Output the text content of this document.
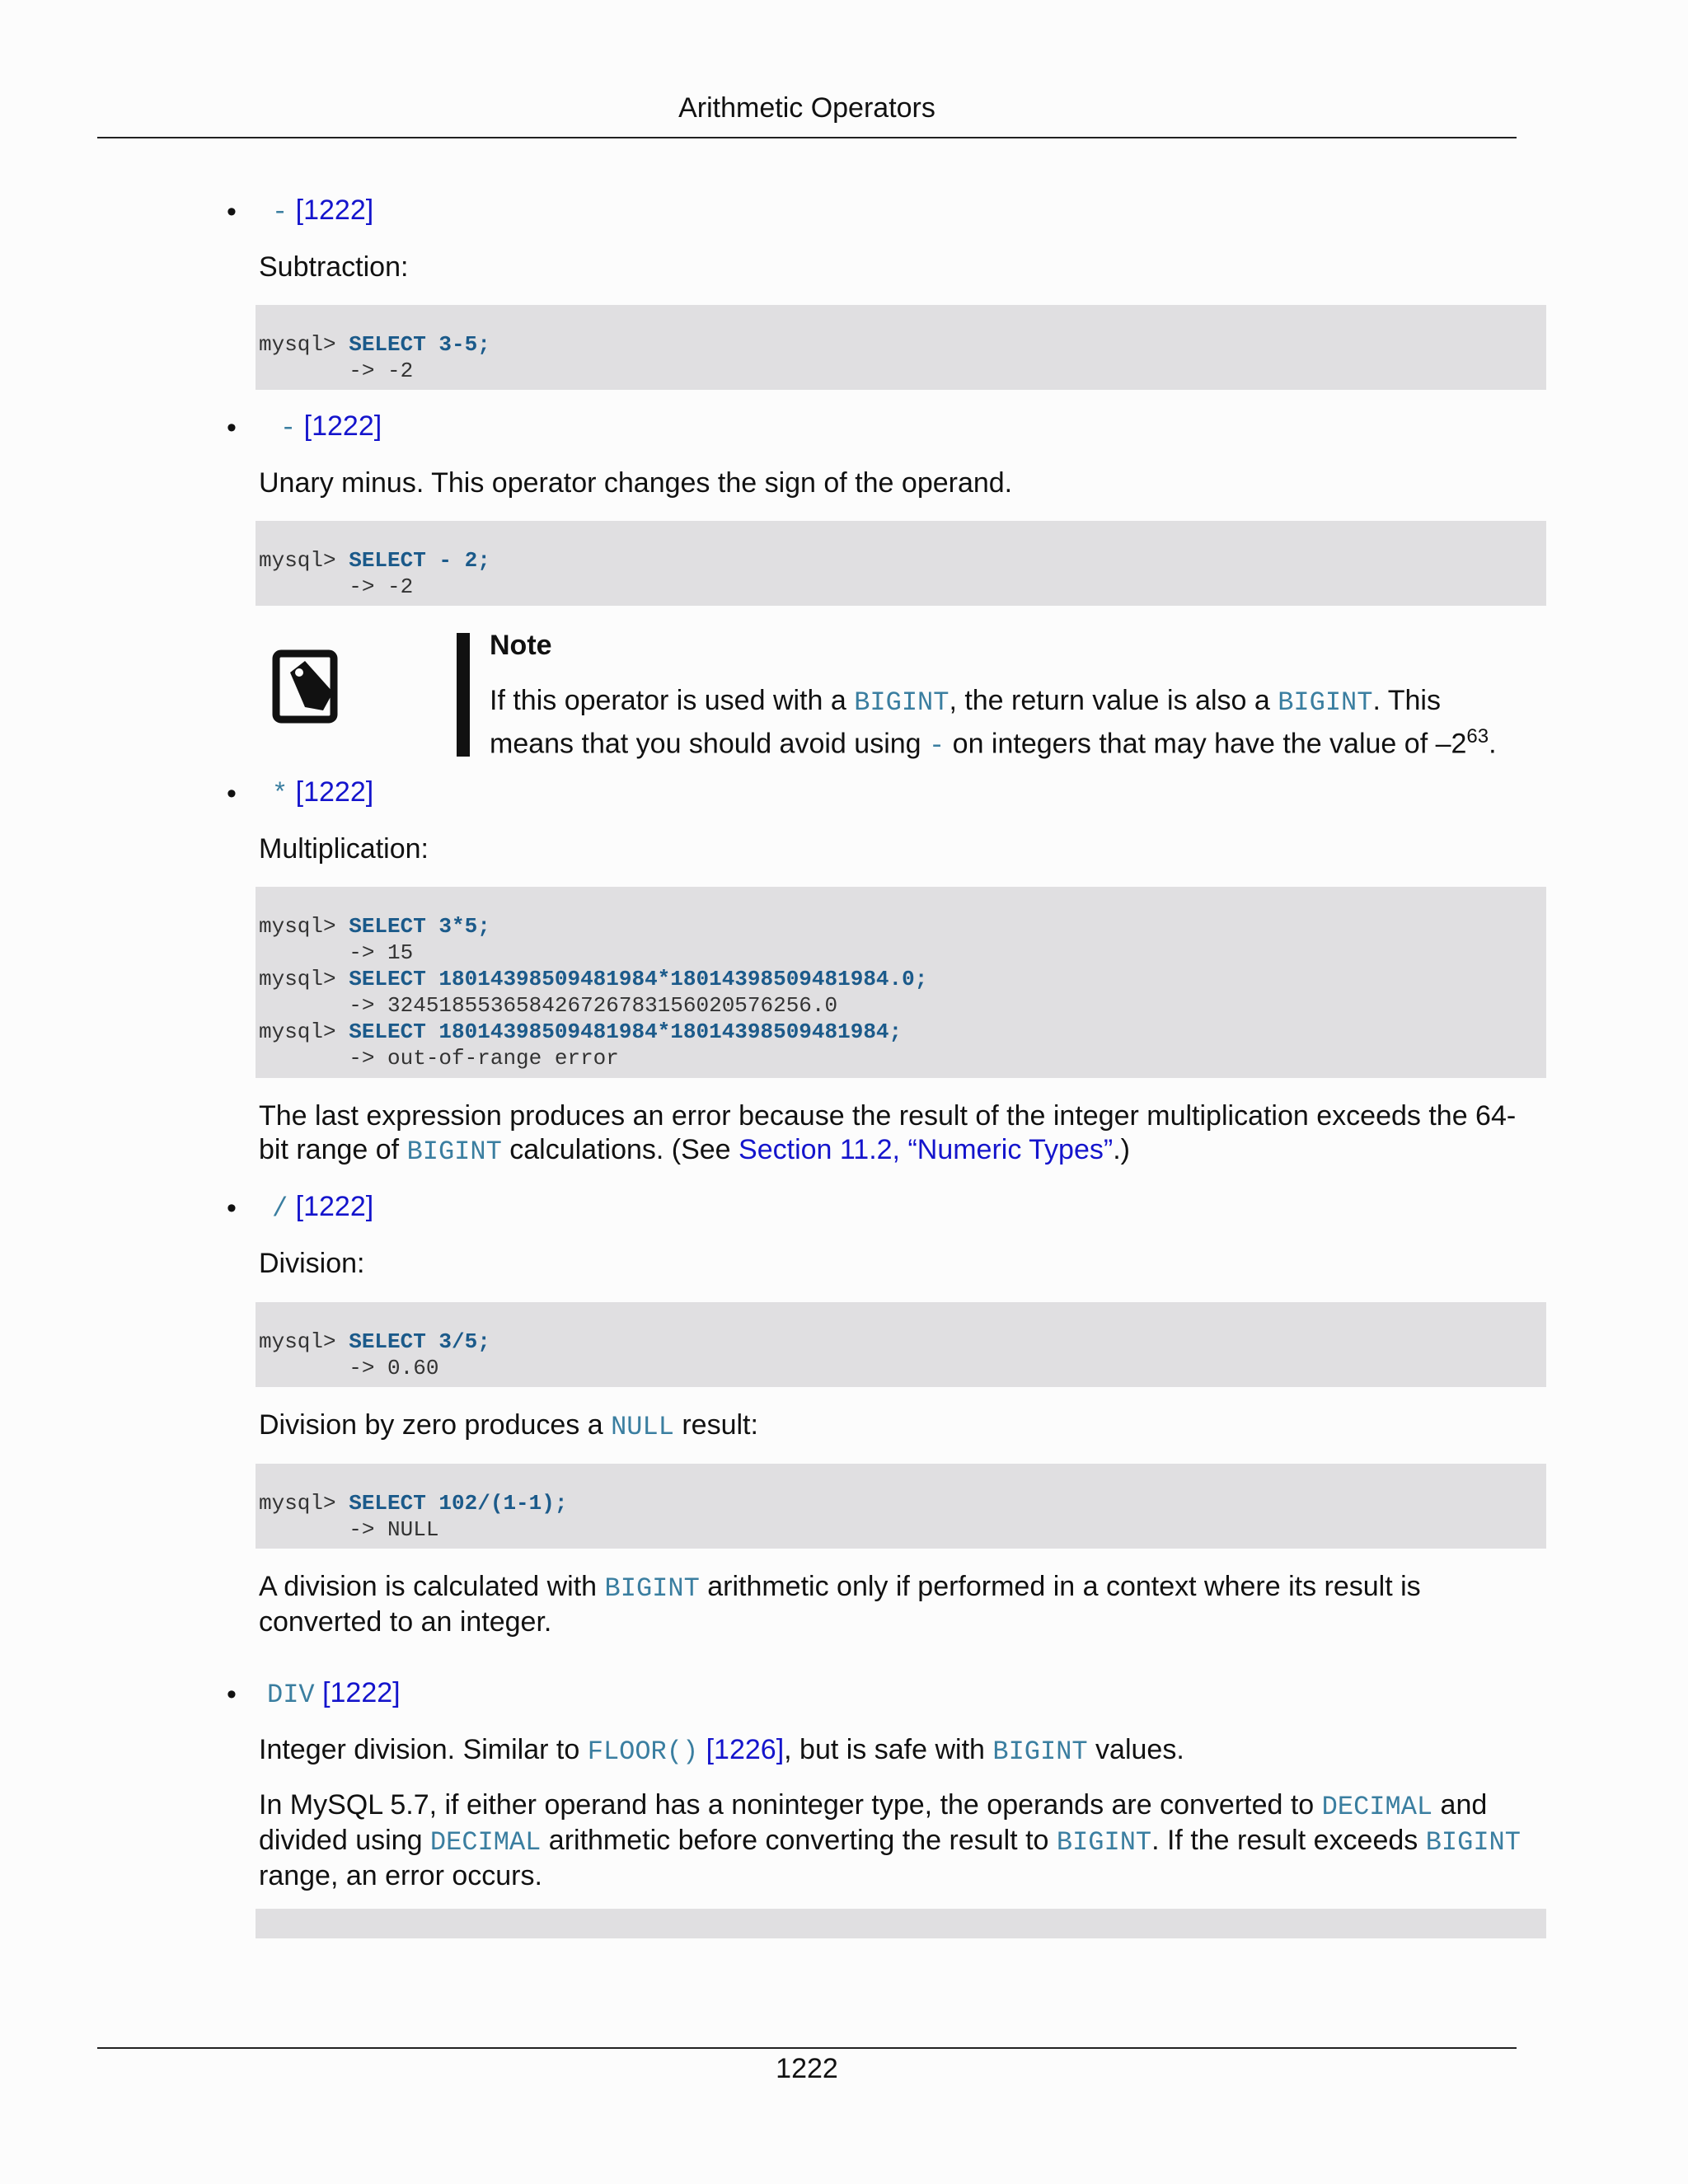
Arithmetic Operators
• - [1222]
Subtraction:
mysql> SELECT 3-5;
-> -2
• - [1222]
Unary minus. This operator changes the sign of the operand.
mysql> SELECT - 2;
-> -2
Note
If this operator is used with a BIGINT, the return value is also a BIGINT. This means that you should avoid using - on integers that may have the value of $-2^{63}$.
• * [1222]
Multiplication:
mysql> SELECT 3*5;
-> 15
mysql> SELECT 18014398509481984*18014398509481984.0;
-> 324518553658426726783156020576256.0
mysql> SELECT 18014398509481984*18014398509481984;
-> out-of-range error
The last expression produces an error because the result of the integer multiplication exceeds the 64-bit range of BIGINT calculations. (See Section 11.2, “Numeric Types”.)
• / [1222]
Division:
mysql> SELECT 3/5;
-> 0.60
Division by zero produces a NULL result:
mysql> SELECT 102/(1-1);
-> NULL
A division is calculated with BIGINT arithmetic only if performed in a context where its result is converted to an integer.
• DIV [1222]
Integer division. Similar to FLOOR() [1226], but is safe with BIGINT values.
In MySQL 5.7, if either operand has a noninteger type, the operands are converted to DECIMAL and divided using DECIMAL arithmetic before converting the result to BIGINT. If the result exceeds BIGINT range, an error occurs.
1222
